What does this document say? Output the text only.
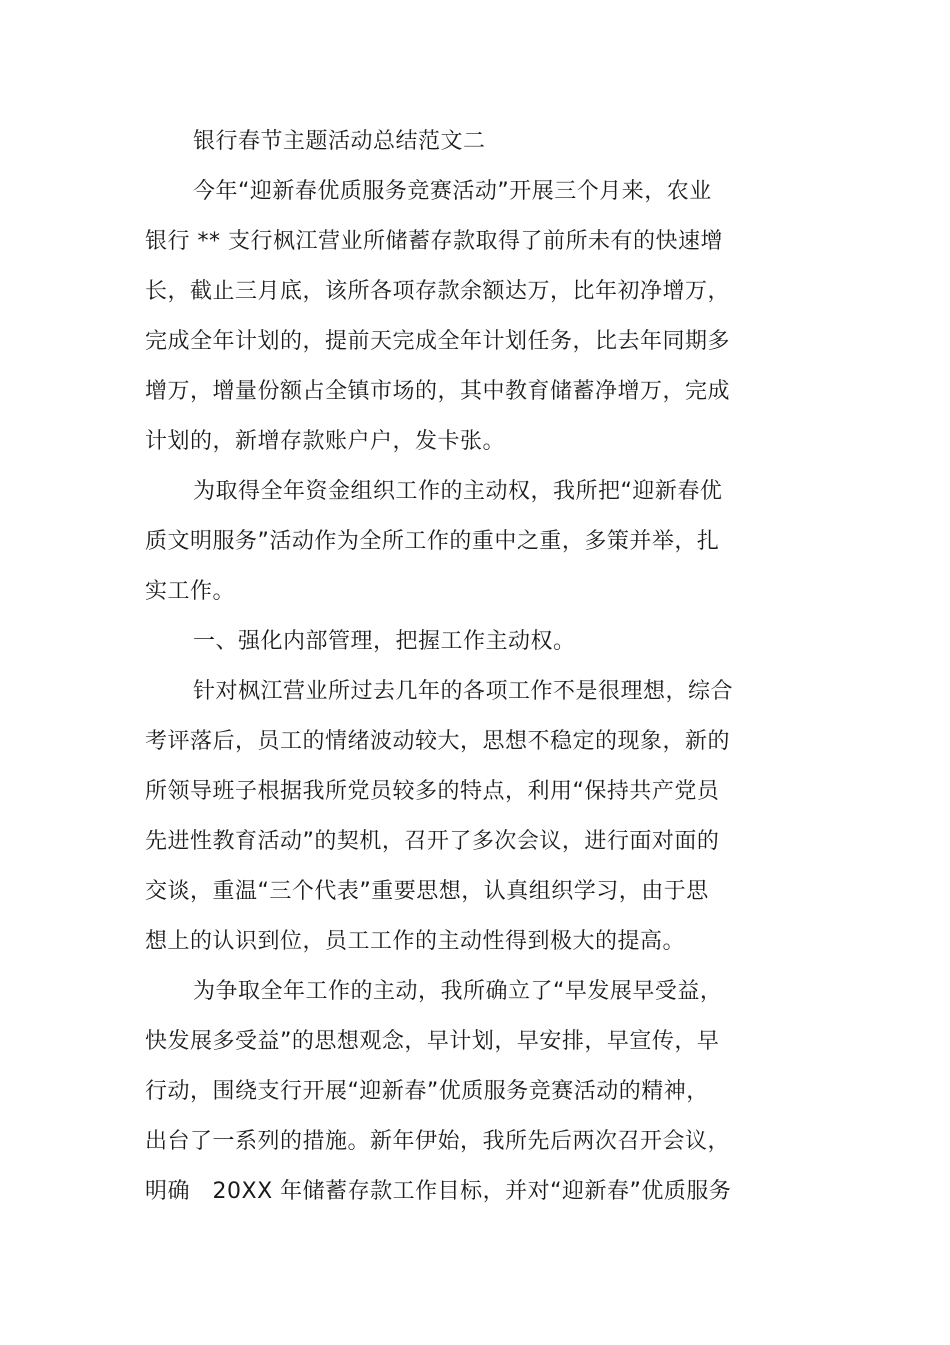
银行春节主题活动总结范文二
今年“迎新春优质服务竞赛活动”开展三个月来，农业
银行 ** 支行枫江营业所储蓄存款取得了前所未有的快速增
长，截止三月底，该所各项存款余额达万，比年初净增万，
完成全年计划的，提前天完成全年计划任务，比去年同期多
增万，增量份额占全镇市场的，其中教育储蓄净增万，完成
计划的，新增存款账户户，发卡张。
为取得全年资金组织工作的主动权，我所把“迎新春优
质文明服务”活动作为全所工作的重中之重，多策并举，扎
实工作。
一、强化内部管理，把握工作主动权。
针对枫江营业所过去几年的各项工作不是很理想，综合
考评落后，员工的情绪波动较大，思想不稳定的现象，新的
所领导班子根据我所党员较多的特点，利用“保持共产党员
先进性教育活动”的契机，召开了多次会议，进行面对面的
交谈，重温“三个代表”重要思想，认真组织学习，由于思
想上的认识到位，员工工作的主动性得到极大的提高。
为争取全年工作的主动，我所确立了“早发展早受益，
快发展多受益”的思想观念，早计划，早安排，早宣传，早
行动，围绕支行开展“迎新春”优质服务竞赛活动的精神，
出台了一系列的措施。新年伊始，我所先后两次召开会议，
明确　20XX 年储蓄存款工作目标，并对“迎新春”优质服务
